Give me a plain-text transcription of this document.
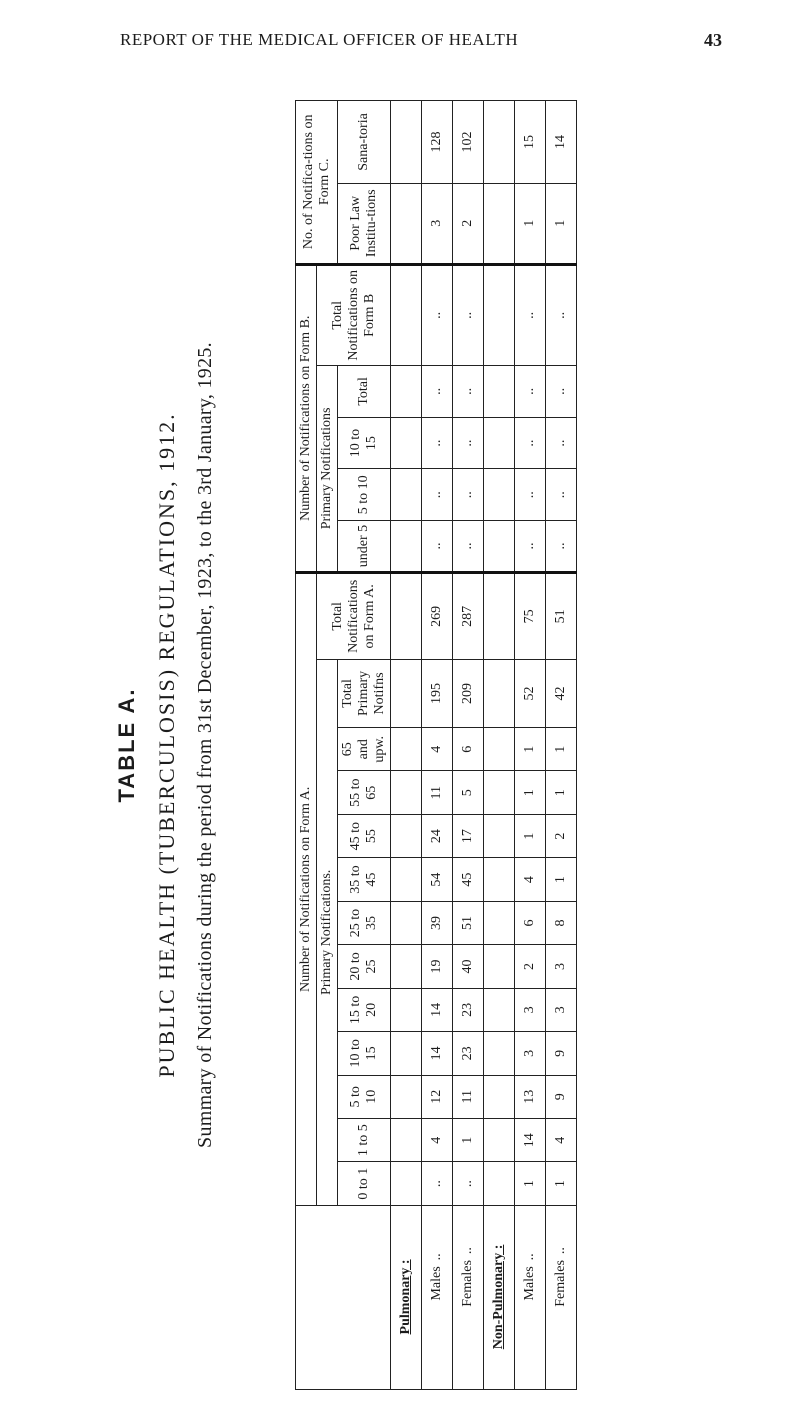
REPORT OF THE MEDICAL OFFICER OF HEALTH	43
TABLE A. PUBLIC HEALTH (TUBERCULOSIS) REGULATIONS, 1912. Summary of Notifications during the period from 31st December, 1923, to the 3rd January, 1925.
		Number of Notifications on Form A.													Number of Notifications on Form B.					No. of Notifica-tions on Form C.	
	Primary Notifications.												Total Notifications on Form A.	Primary Notifications				Total Notifications on Form B		
	0 to 1	1 to 5	5 to 10	10 to 15	15 to 20	20 to 25	25 to 35	35 to 45	45 to 55	55 to 65	65 and upw.	Total Primary Notifns		under 5	5 to 10	10 to 15	Total		Poor Law Institu-tions	Sana-toria
Pulmonary :																				
Males..	..	4	12	14	14	19	39	54	24	11	4	195	269	..	..	..	..	..	3	128
Females..	..	1	11	23	23	40	51	45	17	5	6	209	287	..	..	..	..	..	2	102
Non-Pulmonary :																				
Males..	1	14	13	3	3	2	6	4	1	1	1	52	75	..	..	..	..	..	1	15
Females..	1	4	9	9	3	3	8	1	2	1	1	42	51	..	..	..	..	..	1	14
